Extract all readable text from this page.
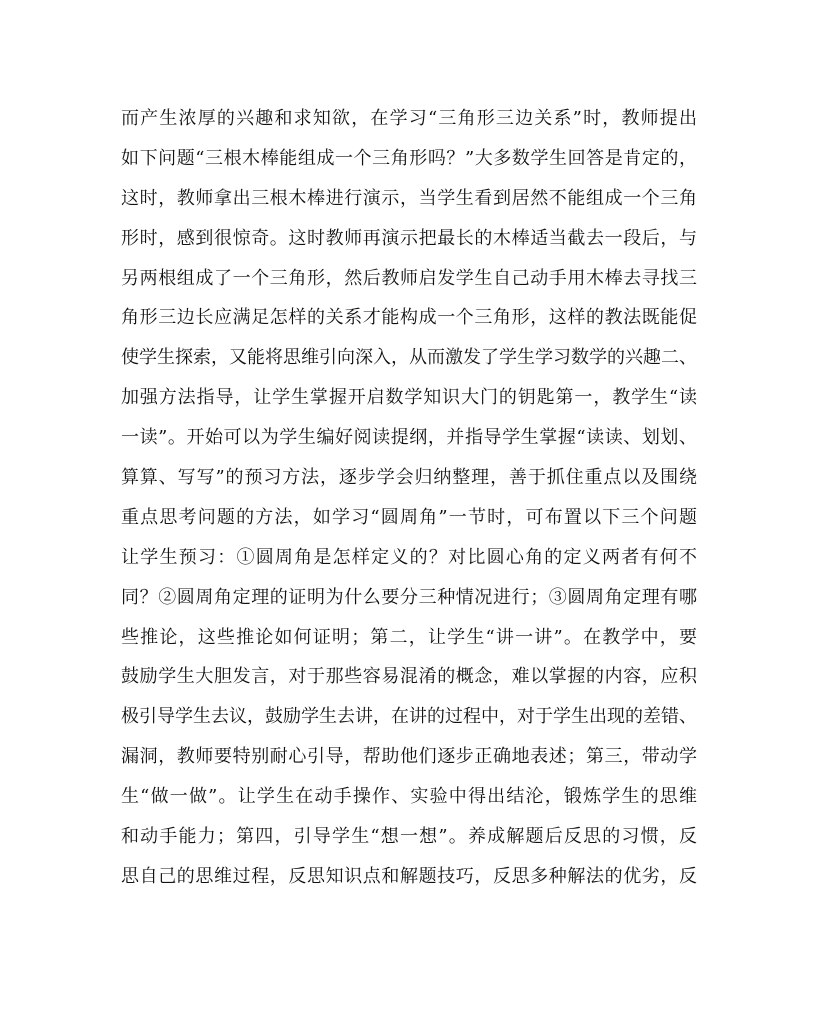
而产生浓厚的兴趣和求知欲，在学习“三角形三边关系”时，教师提出
如下问题“三根木棒能组成一个三角形吗？”大多数学生回答是肯定的，
这时，教师拿出三根木棒进行演示，当学生看到居然不能组成一个三角
形时，感到很惊奇。这时教师再演示把最长的木棒适当截去一段后，与
另两根组成了一个三角形，然后教师启发学生自己动手用木棒去寻找三
角形三边长应满足怎样的关系才能构成一个三角形，这样的教法既能促
使学生探索，又能将思维引向深入，从而激发了学生学习数学的兴趣二、
加强方法指导，让学生掌握开启数学知识大门的钥匙第一，教学生“读
一读”。开始可以为学生编好阅读提纲，并指导学生掌握“读读、划划、
算算、写写”的预习方法，逐步学会归纳整理，善于抓住重点以及围绕
重点思考问题的方法，如学习“圆周角”一节时，可布置以下三个问题
让学生预习：①圆周角是怎样定义的？对比圆心角的定义两者有何不
同？②圆周角定理的证明为什么要分三种情况进行；③圆周角定理有哪
些推论，这些推论如何证明；第二，让学生“讲一讲”。在教学中，要
鼓励学生大胆发言，对于那些容易混淆的概念，难以掌握的内容，应积
极引导学生去议，鼓励学生去讲，在讲的过程中，对于学生出现的差错、
漏洞，教师要特别耐心引导，帮助他们逐步正确地表述；第三，带动学
生“做一做”。让学生在动手操作、实验中得出结沦，锻炼学生的思维
和动手能力；第四，引导学生“想一想”。养成解题后反思的习惯，反
思自己的思维过程，反思知识点和解题技巧，反思多种解法的优劣，反
